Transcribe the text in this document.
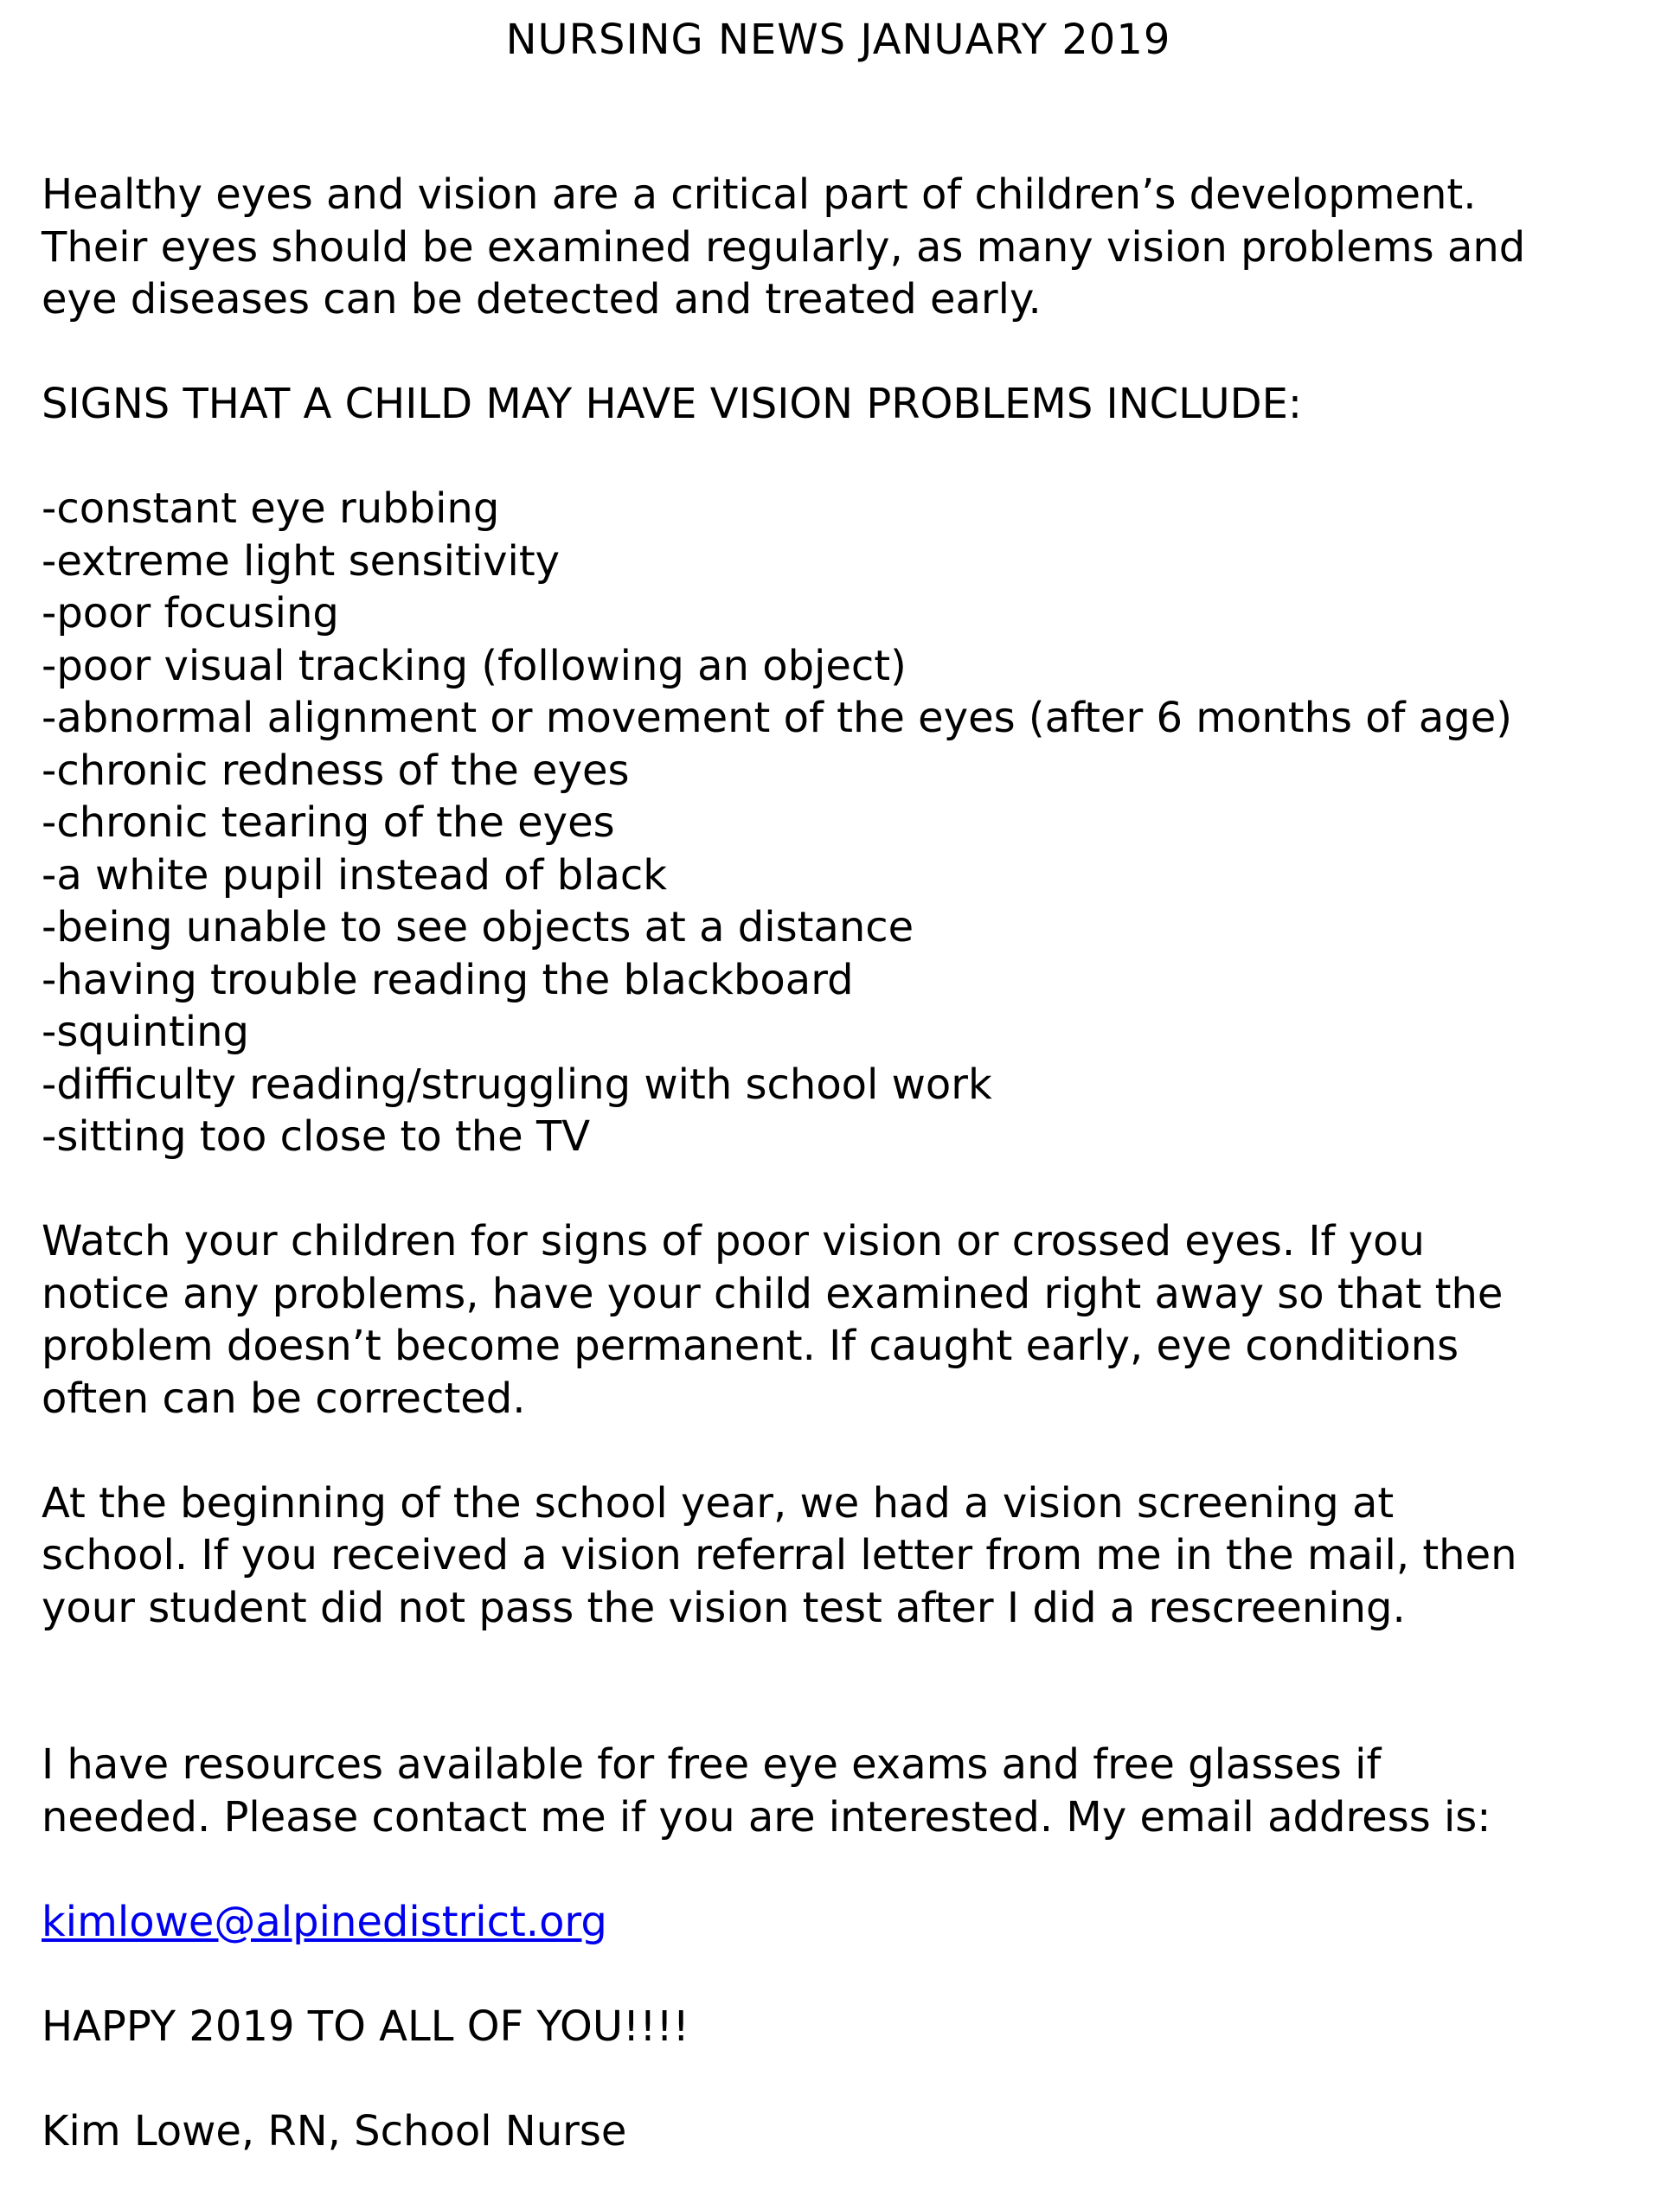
NURSING NEWS JANUARY 2019

Healthy eyes and vision are a critical part of children’s development.
Their eyes should be examined regularly, as many vision problems and
eye diseases can be detected and treated early.

SIGNS THAT A CHILD MAY HAVE VISION PROBLEMS INCLUDE:

-constant eye rubbing
-extreme light sensitivity
-poor focusing
-poor visual tracking (following an object)
-abnormal alignment or movement of the eyes (after 6 months of age)
-chronic redness of the eyes
-chronic tearing of the eyes
-a white pupil instead of black
-being unable to see objects at a distance
-having trouble reading the blackboard
-squinting
-difficulty reading/struggling with school work
-sitting too close to the TV

Watch your children for signs of poor vision or crossed eyes. If you
notice any problems, have your child examined right away so that the
problem doesn’t become permanent. If caught early, eye conditions
often can be corrected.

At the beginning of the school year, we had a vision screening at
school. If you received a vision referral letter from me in the mail, then
your student did not pass the vision test after I did a rescreening.

I have resources available for free eye exams and free glasses if
needed. Please contact me if you are interested. My email address is:

kimlowe@alpinedistrict.org

HAPPY 2019 TO ALL OF YOU!!!!

Kim Lowe, RN, School Nurse
